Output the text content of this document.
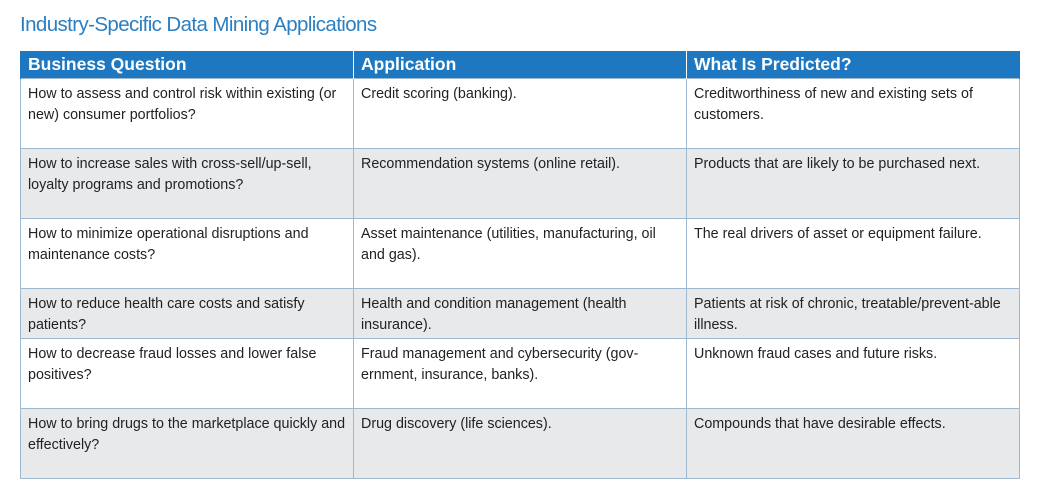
Industry-Specific Data Mining Applications
Business Question	Application	What Is Predicted?
How to assess and control risk within existing (or new) consumer portfolios?	Credit scoring (banking).	Creditworthiness of new and existing sets of customers.
How to increase sales with cross-sell/up-sell, loyalty programs and promotions?	Recommendation systems (online retail).	Products that are likely to be purchased next.
How to minimize operational disruptions and maintenance costs?	Asset maintenance (utilities, manufacturing, oil and gas).	The real drivers of asset or equipment failure.
How to reduce health care costs and satisfy patients?	Health and condition management (health insurance).	Patients at risk of chronic, treatable/prevent-able illness.
How to decrease fraud losses and lower false positives?	Fraud management and cybersecurity (gov-ernment, insurance, banks).	Unknown fraud cases and future risks.
How to bring drugs to the marketplace quickly and effectively?	Drug discovery (life sciences).	Compounds that have desirable effects.
